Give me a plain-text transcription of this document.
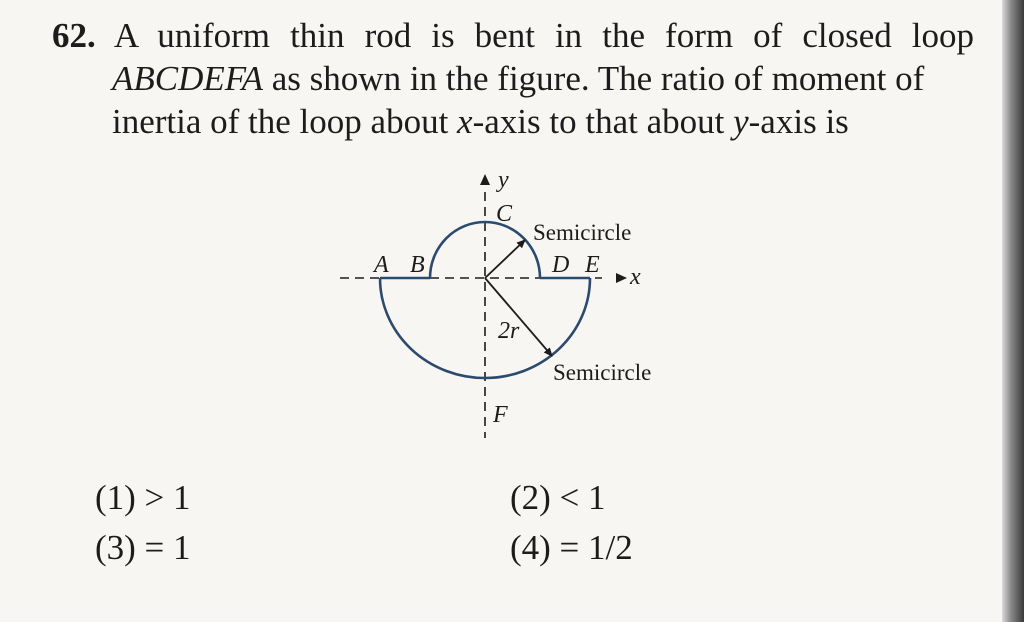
62. A uniform thin rod is bent in the form of closed loop
ABCDEFA as shown in the figure. The ratio of moment of
inertia of the loop about x-axis to that about y-axis is
y
x
A B
C
D E
F
2r
Semicircle
Semicircle
(1) > 1	(2) < 1
(3) = 1	(4) = 1/2
